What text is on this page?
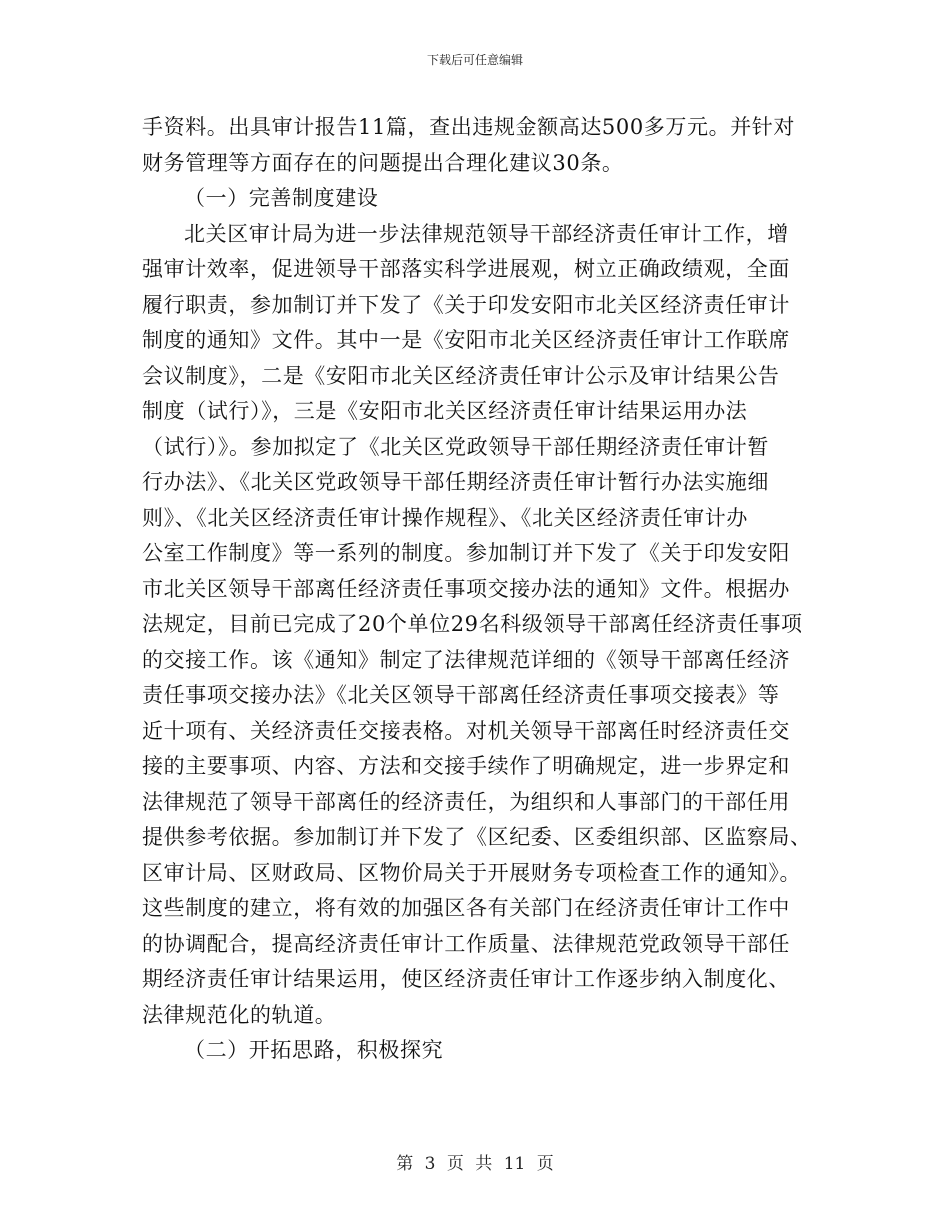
下载后可任意编辑
手资料。出具审计报告11篇，查出违规金额高达500多万元。并针对
财务管理等方面存在的问题提出合理化建议30条。
（一）完善制度建设
北关区审计局为进一步法律规范领导干部经济责任审计工作，增
强审计效率，促进领导干部落实科学进展观，树立正确政绩观，全面
履行职责，参加制订并下发了《关于印发安阳市北关区经济责任审计
制度的通知》文件。其中一是《安阳市北关区经济责任审计工作联席
会议制度》，二是《安阳市北关区经济责任审计公示及审计结果公告
制度（试行）》，三是《安阳市北关区经济责任审计结果运用办法
（试行）》。参加拟定了《北关区党政领导干部任期经济责任审计暂
行办法》、《北关区党政领导干部任期经济责任审计暂行办法实施细
则》、《北关区经济责任审计操作规程》、《北关区经济责任审计办
公室工作制度》等一系列的制度。参加制订并下发了《关于印发安阳
市北关区领导干部离任经济责任事项交接办法的通知》文件。根据办
法规定，目前已完成了20个单位29名科级领导干部离任经济责任事项
的交接工作。该《通知》制定了法律规范详细的《领导干部离任经济
责任事项交接办法》《北关区领导干部离任经济责任事项交接表》等
近十项有、关经济责任交接表格。对机关领导干部离任时经济责任交
接的主要事项、内容、方法和交接手续作了明确规定，进一步界定和
法律规范了领导干部离任的经济责任，为组织和人事部门的干部任用
提供参考依据。参加制订并下发了《区纪委、区委组织部、区监察局、
区审计局、区财政局、区物价局关于开展财务专项检查工作的通知》。
这些制度的建立，将有效的加强区各有关部门在经济责任审计工作中
的协调配合，提高经济责任审计工作质量、法律规范党政领导干部任
期经济责任审计结果运用，使区经济责任审计工作逐步纳入制度化、
法律规范化的轨道。
（二）开拓思路，积极探究
第 3 页 共 11 页
